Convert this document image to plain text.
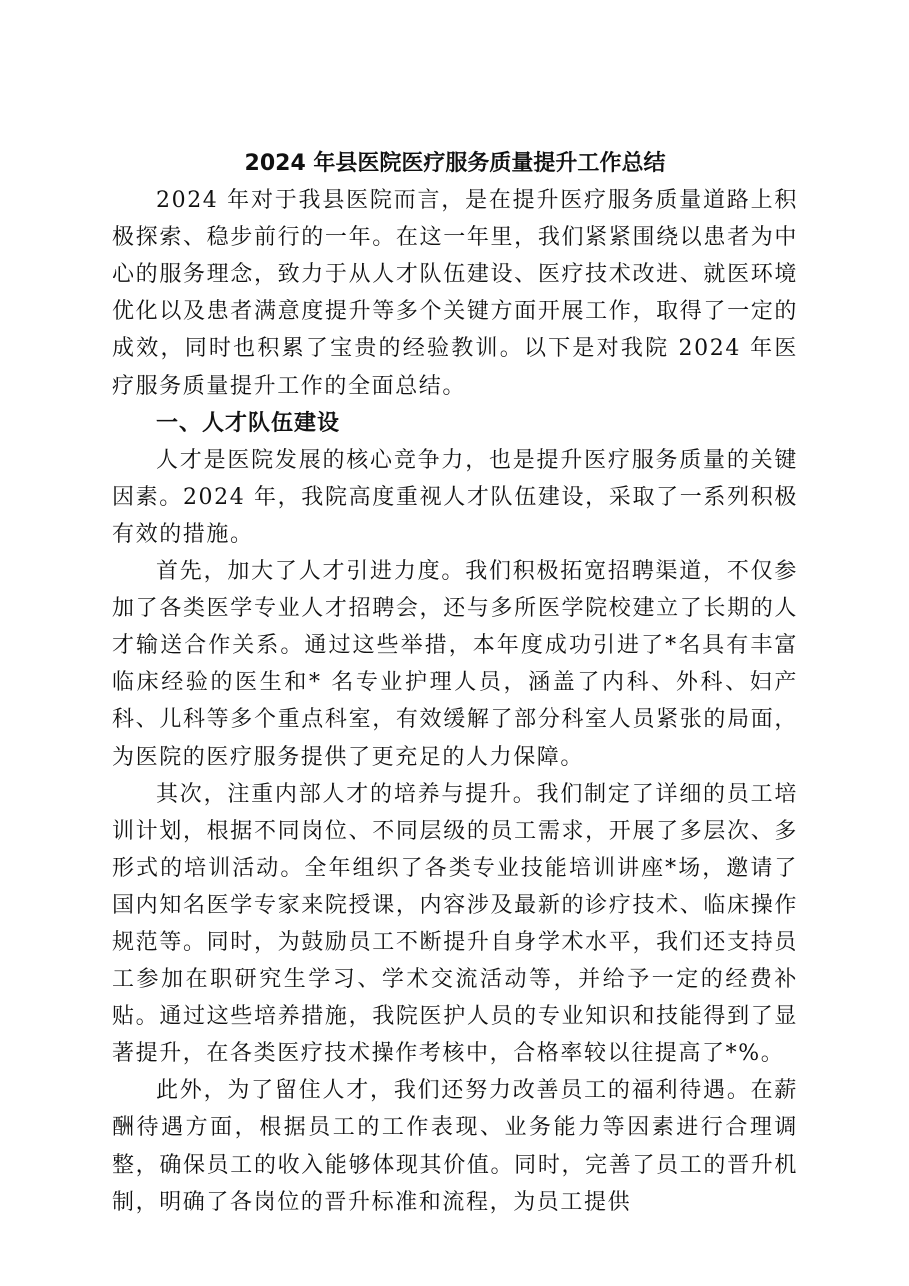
2024 年县医院医疗服务质量提升工作总结

2024 年对于我县医院而言，是在提升医疗服务质量道路上积极探索、稳步前行的一年。在这一年里，我们紧紧围绕以患者为中心的服务理念，致力于从人才队伍建设、医疗技术改进、就医环境优化以及患者满意度提升等多个关键方面开展工作，取得了一定的成效，同时也积累了宝贵的经验教训。以下是对我院 2024 年医疗服务质量提升工作的全面总结。

一、人才队伍建设

人才是医院发展的核心竞争力，也是提升医疗服务质量的关键因素。2024 年，我院高度重视人才队伍建设，采取了一系列积极有效的措施。

首先，加大了人才引进力度。我们积极拓宽招聘渠道，不仅参加了各类医学专业人才招聘会，还与多所医学院校建立了长期的人才输送合作关系。通过这些举措，本年度成功引进了*名具有丰富临床经验的医生和* 名专业护理人员，涵盖了内科、外科、妇产科、儿科等多个重点科室，有效缓解了部分科室人员紧张的局面，为医院的医疗服务提供了更充足的人力保障。

其次，注重内部人才的培养与提升。我们制定了详细的员工培训计划，根据不同岗位、不同层级的员工需求，开展了多层次、多形式的培训活动。全年组织了各类专业技能培训讲座*场，邀请了国内知名医学专家来院授课，内容涉及最新的诊疗技术、临床操作规范等。同时，为鼓励员工不断提升自身学术水平，我们还支持员工参加在职研究生学习、学术交流活动等，并给予一定的经费补贴。通过这些培养措施，我院医护人员的专业知识和技能得到了显著提升，在各类医疗技术操作考核中，合格率较以往提高了*%。

此外，为了留住人才，我们还努力改善员工的福利待遇。在薪酬待遇方面，根据员工的工作表现、业务能力等因素进行合理调整，确保员工的收入能够体现其价值。同时，完善了员工的晋升机制，明确了各岗位的晋升标准和流程，为员工提供
